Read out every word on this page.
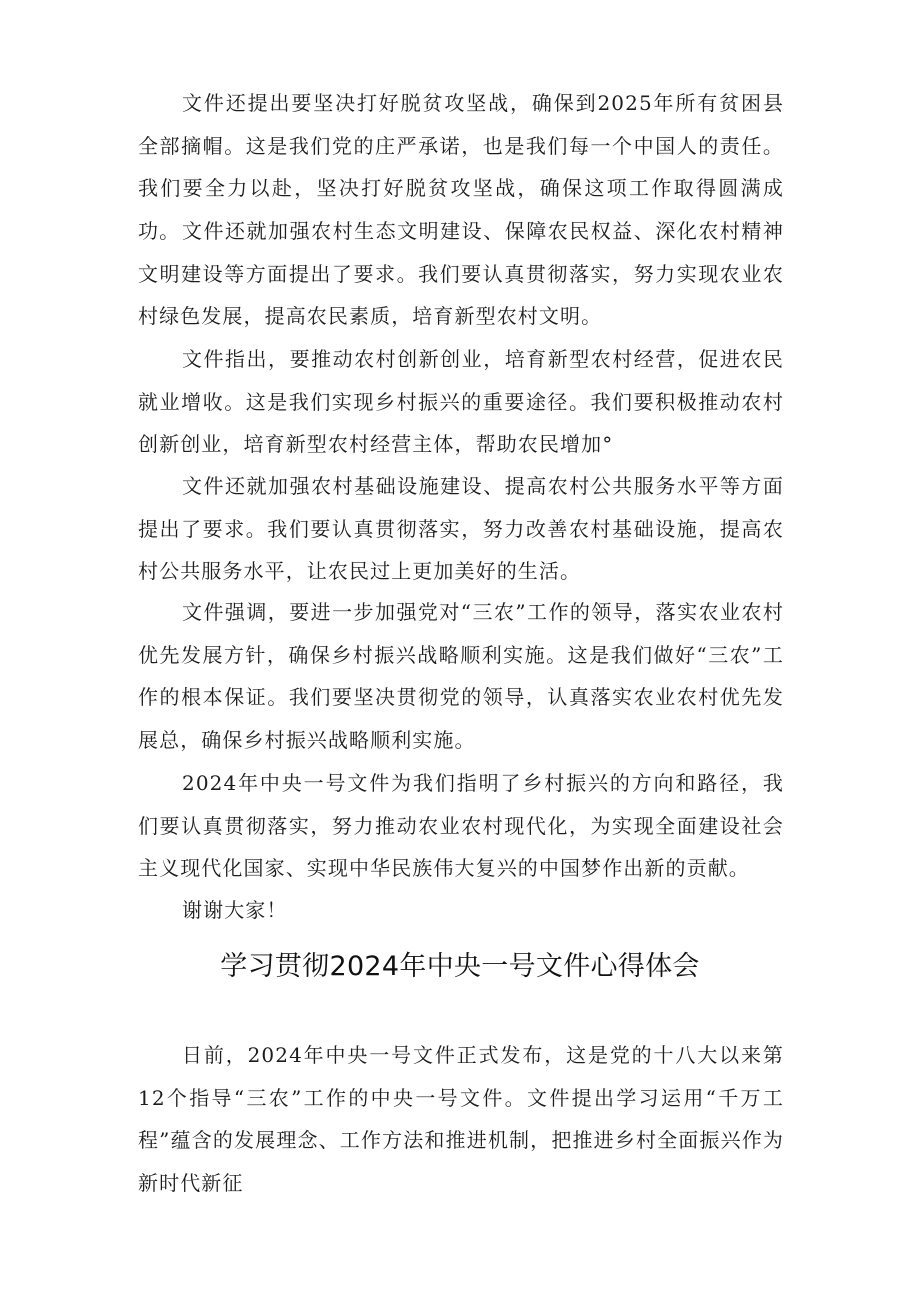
文件还提出要坚决打好脱贫攻坚战，确保到2025年所有贫困县全部摘帽。这是我们党的庄严承诺，也是我们每一个中国人的责任。我们要全力以赴，坚决打好脱贫攻坚战，确保这项工作取得圆满成功。 文件还就加强农村生态文明建设、保障农民权益、深化农村精神文明建设等方面提出了要求。我们要认真贯彻落实，努力实现农业农村绿色发展，提高农民素质，培育新型农村文明。

文件指出，要推动农村创新创业，培育新型农村经营，促进农民就业增收。这是我们实现乡村振兴的重要途径。我们要积极推动农村创新创业，培育新型农村经营主体，帮助农民增加°

文件还就加强农村基础设施建设、提高农村公共服务水平等方面提出了要求。我们要认真贯彻落实，努力改善农村基础设施，提高农村公共服务水平，让农民过上更加美好的生活。

文件强调，要进一步加强党对“三农”工作的领导，落实农业农村优先发展方针，确保乡村振兴战略顺利实施。这是我们做好“三农”工作的根本保证。我们要坚决贯彻党的领导，认真落实农业农村优先发展总，确保乡村振兴战略顺利实施。

2024年中央一号文件为我们指明了乡村振兴的方向和路径，我们要认真贯彻落实，努力推动农业农村现代化，为实现全面建设社会主义现代化国家、实现中华民族伟大复兴的中国梦作出新的贡献。

谢谢大家！

学习贯彻2024年中央一号文件心得体会

日前，2024年中央一号文件正式发布，这是党的十八大以来第12个指导“三农”工作的中央一号文件。文件提出学习运用“千万工程”蕴含的发展理念、工作方法和推进机制，把推进乡村全面振兴作为新时代新征
